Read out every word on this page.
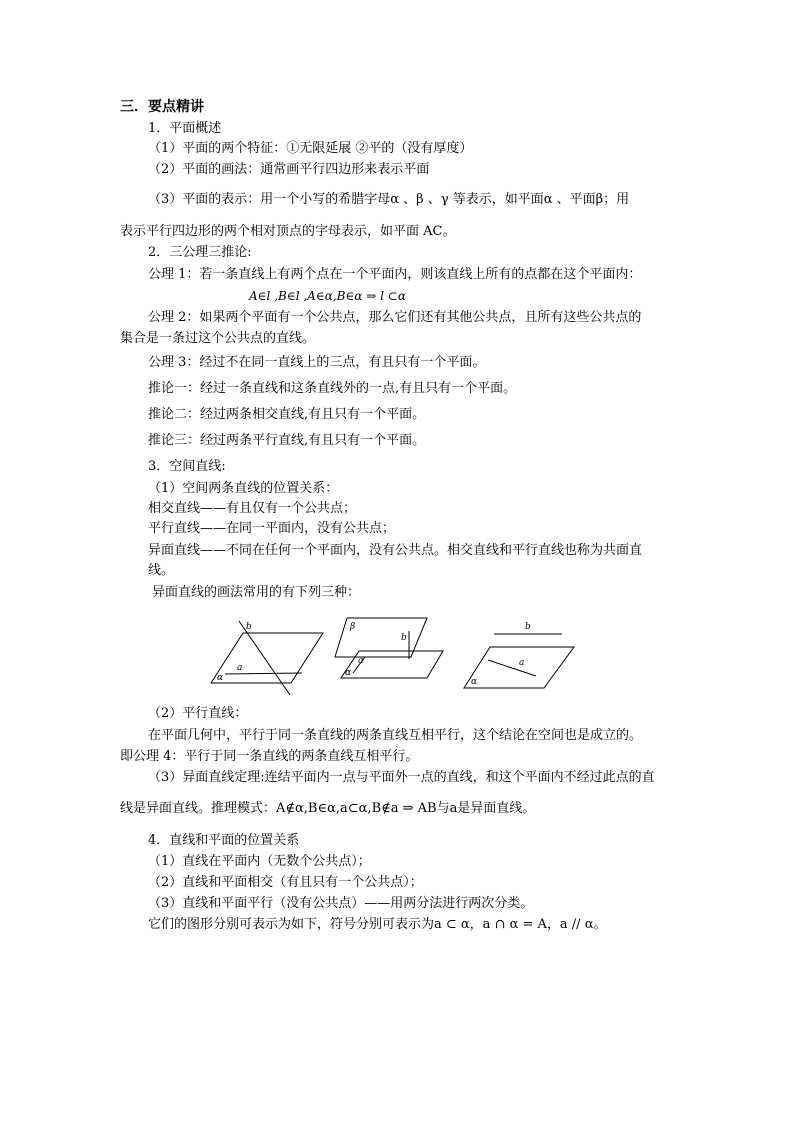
三．要点精讲
1．平面概述
（1）平面的两个特征：①无限延展 ②平的（没有厚度）
（2）平面的画法：通常画平行四边形来表示平面
（3）平面的表示：用一个小写的希腊字母α 、β 、γ 等表示，如平面α 、平面β；用
表示平行四边形的两个相对顶点的字母表示，如平面 AC。
2．三公理三推论:
公理 1：若一条直线上有两个点在一个平面内，则该直线上所有的点都在这个平面内：
A∈l ,B∈l ,A∈α,B∈α ⇒ l ⊂α
公理 2：如果两个平面有一个公共点，那么它们还有其他公共点，且所有这些公共点的
集合是一条过这个公共点的直线。
公理 3：经过不在同一直线上的三点，有且只有一个平面。
推论一：经过一条直线和这条直线外的一点,有且只有一个平面。
推论二：经过两条相交直线,有且只有一个平面。
推论三：经过两条平行直线,有且只有一个平面。
3．空间直线:
（1）空间两条直线的位置关系：
相交直线——有且仅有一个公共点；
平行直线——在同一平面内，没有公共点；
异面直线——不同在任何一个平面内，没有公共点。相交直线和平行直线也称为共面直
线。
异面直线的画法常用的有下列三种：
b
a
α
β
b
a
α
b
a
α
（2）平行直线：
在平面几何中，平行于同一条直线的两条直线互相平行，这个结论在空间也是成立的。
即公理 4：平行于同一条直线的两条直线互相平行。
（3）异面直线定理:连结平面内一点与平面外一点的直线，和这个平面内不经过此点的直
线是异面直线。推理模式：A∉α,B∈α,a⊂α,B∉a ⇒ AB与a是异面直线。
4．直线和平面的位置关系
（1）直线在平面内（无数个公共点）；
（2）直线和平面相交（有且只有一个公共点）；
（3）直线和平面平行（没有公共点）——用两分法进行两次分类。
它们的图形分别可表示为如下，符号分别可表示为a ⊂ α，a ∩ α = A，a // α。
